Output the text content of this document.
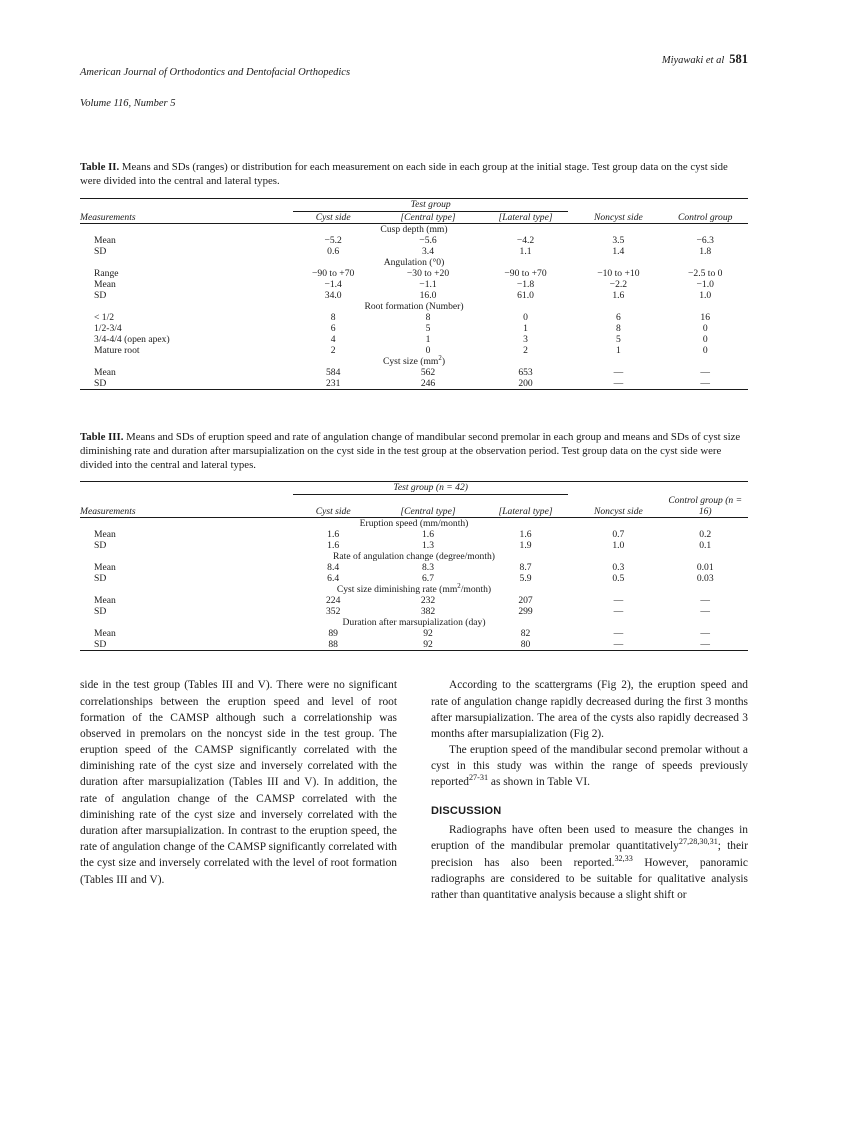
American Journal of Orthodontics and Dentofacial Orthopedics

Volume 116, Number 5

Miyawaki et al 581
Table II. Means and SDs (ranges) or distribution for each measurement on each side in each group at the initial stage. Test group data on the cyst side were divided into the central and lateral types.

	Test group				

Measurements	Cyst side	[Central type]	[Lateral type]	Noncyst side	Control group
Cusp depth (mm)					
Mean	−5.2	−5.6	−4.2	3.5	−6.3
SD	0.6	3.4	1.1	1.4	1.8
Angulation (°0)					
Range	−90 to +70	−30 to +20	−90 to +70	−10 to +10	−2.5 to 0
Mean	−1.4	−1.1	−1.8	−2.2	−1.0
SD	34.0	16.0	61.0	1.6	1.0
Root formation (Number)					
< 1/2	8	8	0	6	16
1/2-3/4	6	5	1	8	0
3/4-4/4 (open apex)	4	1	3	5	0
Mature root	2	0	2	1	0
Cyst size $(mm^2)$					
Mean	584	562	653	—	—
SD	231	246	200	—	—
Table III. Means and SDs of eruption speed and rate of angulation change of mandibular second premolar in each group and means and SDs of cyst size diminishing rate and duration after marsupialization on the cyst side in the test group at the observation period. Test group data on the cyst side were divided into the central and lateral types.

	Test group (n = 42)				

Measurements	Cyst side	[Central type]	[Lateral type]	Noncyst side	Control group (n = 16)
Eruption speed (mm/month)					
Mean	1.6	1.6	1.6	0.7	0.2
SD	1.6	1.3	1.9	1.0	0.1
Rate of angulation change (degree/month)					
Mean	8.4	8.3	8.7	0.3	0.01
SD	6.4	6.7	5.9	0.5	0.03
Cyst size diminishing rate $(mm^2/month)$					
Mean	224	232	207	—	—
SD	352	382	299	—	—
Duration after marsupialization (day)					
Mean	89	92	82	—	—
SD	88	92	80	—	—

side in the test group (Tables III and V). There were no significant correlationships between the eruption speed and level of root formation of the CAMSP although such a correlationship was observed in premolars on the noncyst side in the test group. The eruption speed of the CAMSP significantly correlated with the diminishing rate of the cyst size and inversely correlated with the duration after marsupialization (Tables III and V). In addition, the rate of angulation change of the CAMSP correlated with the diminishing rate of the cyst size and inversely correlated with the duration after marsupialization. In contrast to the eruption speed, the rate of angulation change of the CAMSP significantly correlated with the cyst size and inversely correlated with the level of root formation (Tables III and V).

According to the scattergrams (Fig 2), the eruption speed and rate of angulation change rapidly decreased during the first 3 months after marsupialization. The area of the cysts also rapidly decreased 3 months after marsupialization (Fig 2).

The eruption speed of the mandibular second premolar without a cyst in this study was within the range of speeds previously reported$^{27-31}$ as shown in Table VI.

DISCUSSION

Radiographs have often been used to measure the changes in eruption of the mandibular premolar quantitatively$^{27,28,30,31}$; their precision has also been reported.$^{32,33}$ However, panoramic radiographs are considered to be suitable for qualitative analysis rather than quantitative analysis because a slight shift or
